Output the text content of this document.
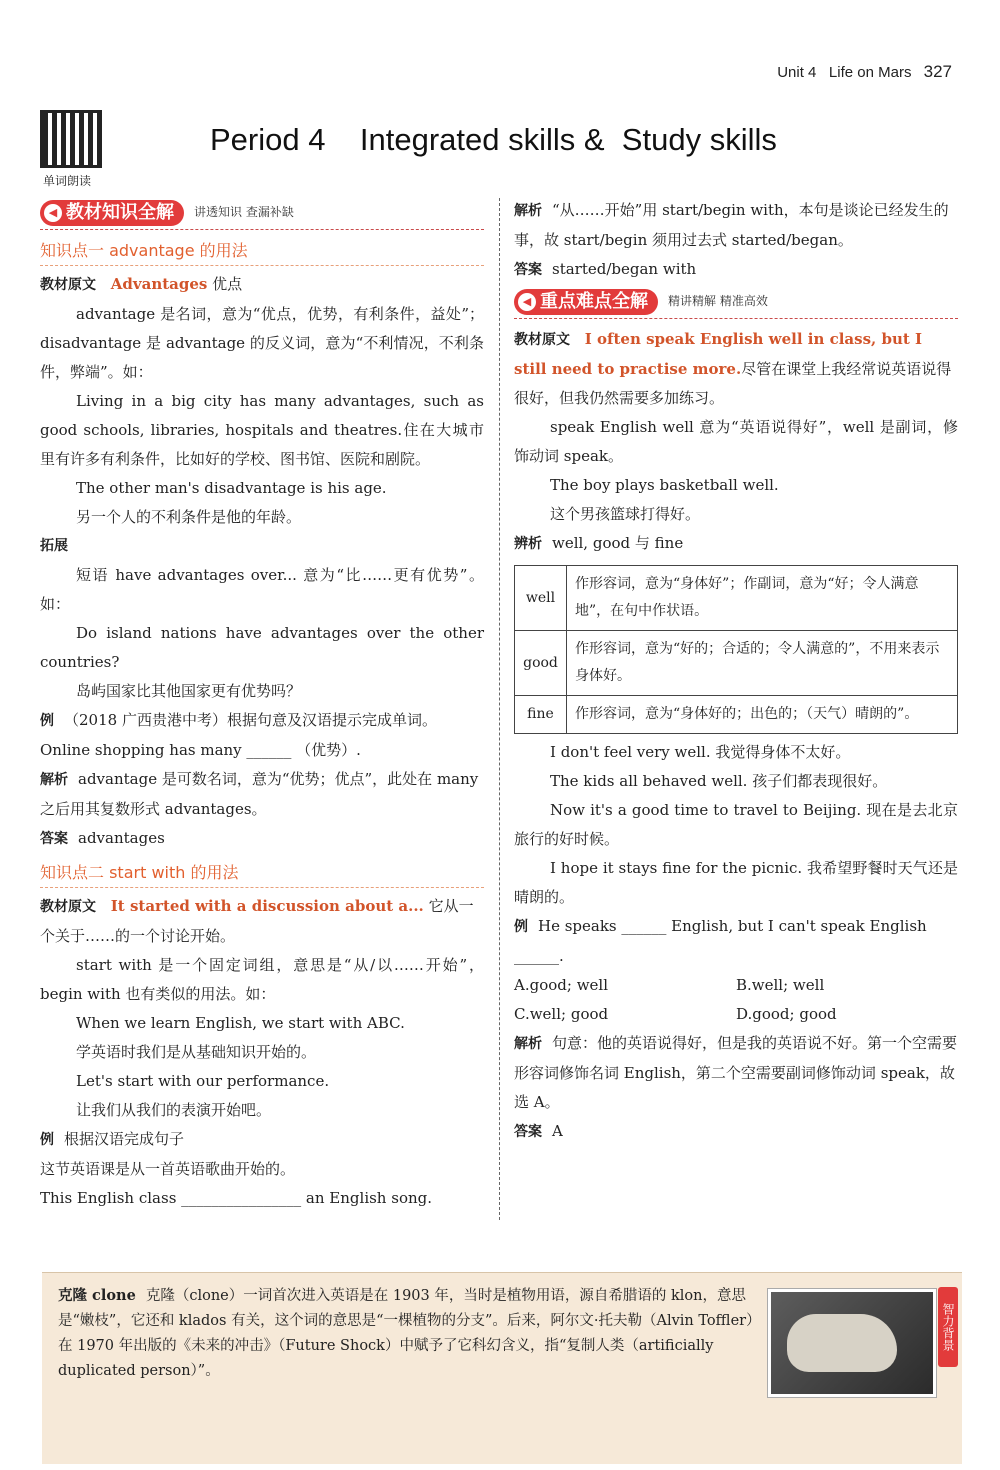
Unit 4 Life on Mars 327
单词朗读
Period 4    Integrated skills &  Study skills
◀ 教材知识全解 讲透知识 查漏补缺
知识点一 advantage 的用法
教材原文 Advantages 优点
advantage 是名词，意为“优点，优势，有利条件，益处”；disadvantage 是 advantage 的反义词，意为“不利情况，不利条件，弊端”。如：
Living in a big city has many advantages, such as good schools, libraries, hospitals and theatres.住在大城市里有许多有利条件，比如好的学校、图书馆、医院和剧院。
The other man's disadvantage is his age.
另一个人的不利条件是他的年龄。
拓展
短语 have advantages over... 意为“比……更有优势”。如：
Do island nations have advantages over the other countries?
岛屿国家比其他国家更有优势吗？
例 （2018 广西贵港中考）根据句意及汉语提示完成单词。
Online shopping has many ______ （优势）.
解析 advantage 是可数名词，意为“优势；优点”，此处在 many 之后用其复数形式 advantages。
答案 advantages
知识点二 start with 的用法
教材原文 It started with a discussion about a... 它从一个关于……的一个讨论开始。
start with 是一个固定词组，意思是“从/以……开始”，begin with 也有类似的用法。如：
When we learn English, we start with ABC.
学英语时我们是从基础知识开始的。
Let's start with our performance.
让我们从我们的表演开始吧。
例 根据汉语完成句子
这节英语课是从一首英语歌曲开始的。
This English class ________________ an English song.
解析 “从……开始”用 start/begin with，本句是谈论已经发生的事，故 start/begin 须用过去式 started/began。
答案 started/began with
◀ 重点难点全解 精讲精解 精准高效
教材原文 I often speak English well in class, but I still need to practise more.尽管在课堂上我经常说英语说得很好，但我仍然需要多加练习。
speak English well 意为“英语说得好”，well 是副词，修饰动词 speak。
The boy plays basketball well.
这个男孩篮球打得好。
辨析 well, good 与 fine
well	作形容词，意为“身体好”；作副词，意为“好；令人满意地”，在句中作状语。
good	作形容词，意为“好的；合适的；令人满意的”，不用来表示身体好。
fine	作形容词，意为“身体好的；出色的；（天气）晴朗的”。
I don't feel very well. 我觉得身体不太好。
The kids all behaved well. 孩子们都表现很好。
Now it's a good time to travel to Beijing. 现在是去北京旅行的好时候。
I hope it stays fine for the picnic. 我希望野餐时天气还是晴朗的。
例 He speaks ______ English, but I can't speak English ______.
A.good; well	B.well; well
C.well; good	D.good; good
解析 句意：他的英语说得好，但是我的英语说不好。第一个空需要形容词修饰名词 English，第二个空需要副词修饰动词 speak，故选 A。
答案 A
克隆 clone 克隆（clone）一词首次进入英语是在 1903 年，当时是植物用语，源自希腊语的 klon，意思是“嫩枝”，它还和 klados 有关，这个词的意思是“一棵植物的分支”。后来，阿尔文·托夫勒（Alvin Toffler）在 1970 年出版的《未来的冲击》（Future Shock）中赋予了它科幻含义，指“复制人类（artificially duplicated person）”。
智力背景
